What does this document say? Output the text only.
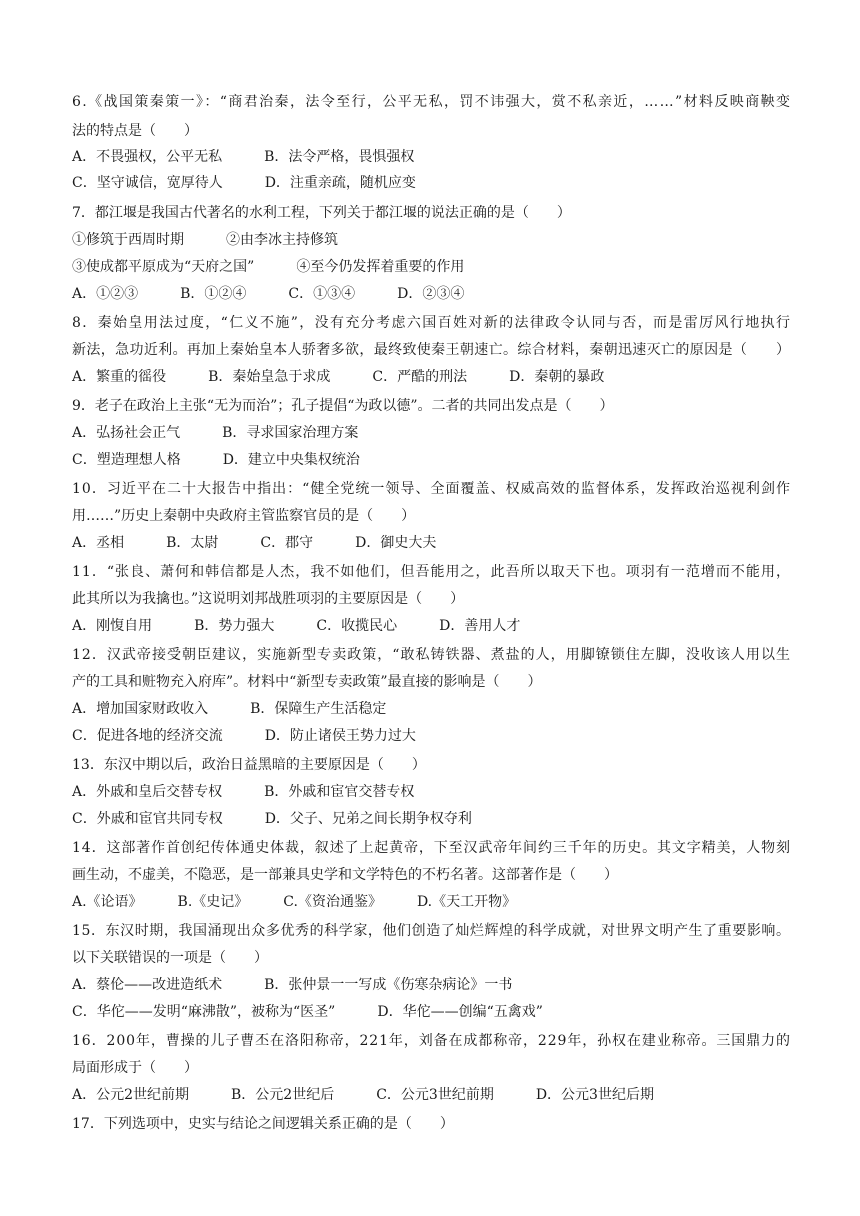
6.《战国策秦策一》：“商君治秦，法令至行，公平无私，罚不讳强大，赏不私亲近，……”材料反映商鞅变
法的特点是（　　）
A．不畏强权，公平无私　　　B．法令严格，畏惧强权
C．坚守诚信，宽厚待人　　　D．注重亲疏，随机应变
7．都江堰是我国古代著名的水利工程，下列关于都江堰的说法正确的是（　　）
①修筑于西周时期　　　②由李冰主持修筑
③使成都平原成为“天府之国”　　　④至今仍发挥着重要的作用
A．①②③　　　B．①②④　　　C．①③④　　　D．②③④
8．秦始皇用法过度，“仁义不施”，没有充分考虑六国百姓对新的法律政令认同与否，而是雷厉风行地执行
新法，急功近利。再加上秦始皇本人骄奢多欲，最终致使秦王朝速亡。综合材料，秦朝迅速灭亡的原因是（　　）
A．繁重的徭役　　　B．秦始皇急于求成　　　C．严酷的刑法　　　D．秦朝的暴政
9．老子在政治上主张“无为而治”；孔子提倡“为政以德”。二者的共同出发点是（　　）
A．弘扬社会正气　　　B．寻求国家治理方案
C．塑造理想人格　　　D．建立中央集权统治
10．习近平在二十大报告中指出：“健全党统一领导、全面覆盖、权威高效的监督体系，发挥政治巡视利剑作
用……”历史上秦朝中央政府主管监察官员的是（　　）
A．丞相　　　B．太尉　　　C．郡守　　　D．御史大夫
11．“张良、萧何和韩信都是人杰，我不如他们，但吾能用之，此吾所以取天下也。项羽有一范增而不能用，
此其所以为我擒也。”这说明刘邦战胜项羽的主要原因是（　　）
A．刚愎自用　　　B．势力强大　　　C．收揽民心　　　D．善用人才
12．汉武帝接受朝臣建议，实施新型专卖政策，“敢私铸铁器、煮盐的人，用脚镣锁住左脚，没收该人用以生
产的工具和赃物充入府库”。材料中“新型专卖政策”最直接的影响是（　　）
A．增加国家财政收入　　　B．保障生产生活稳定
C．促进各地的经济交流　　　D．防止诸侯王势力过大
13．东汉中期以后，政治日益黑暗的主要原因是（　　）
A．外戚和皇后交替专权　　　B．外戚和宦官交替专权
C．外戚和宦官共同专权　　　D．父子、兄弟之间长期争权夺利
14．这部著作首创纪传体通史体裁，叙述了上起黄帝，下至汉武帝年间约三千年的历史。其文字精美，人物刻
画生动，不虚美，不隐恶，是一部兼具史学和文学特色的不朽名著。这部著作是（　　）
A.《论语》　　　B.《史记》　　　C.《资治通鉴》　　　D.《天工开物》
15．东汉时期，我国涌现出众多优秀的科学家，他们创造了灿烂辉煌的科学成就，对世界文明产生了重要影响。
以下关联错误的一项是（　　）
A．蔡伦——改进造纸术　　　B．张仲景一一写成《伤寒杂病论》一书
C．华佗——发明“麻沸散”，被称为“医圣”　　　D．华佗——创编“五禽戏”
16．200年，曹操的儿子曹丕在洛阳称帝，221年，刘备在成都称帝，229年，孙权在建业称帝。三国鼎力的
局面形成于（　　）
A．公元2世纪前期　　　B．公元2世纪后　　　C．公元3世纪前期　　　D．公元3世纪后期
17．下列选项中，史实与结论之间逻辑关系正确的是（　　）
